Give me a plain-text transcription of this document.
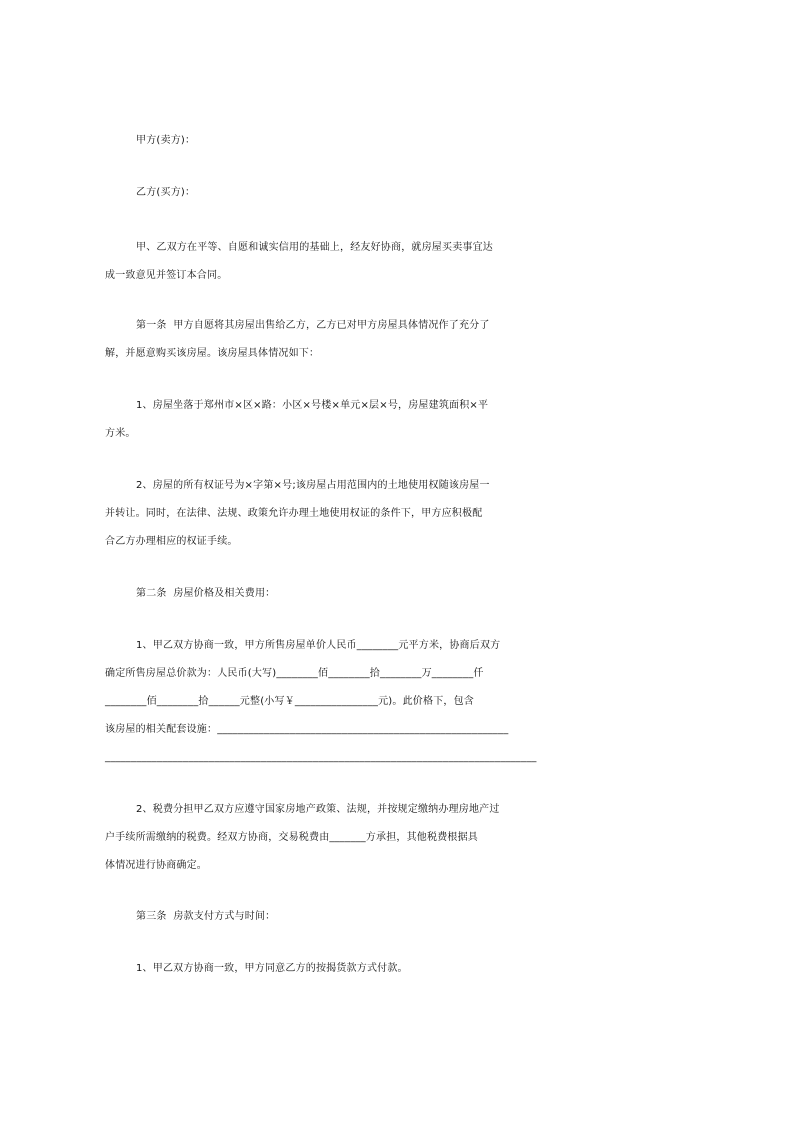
甲方(卖方)：
乙方(买方)：
甲、乙双方在平等、自愿和诚实信用的基础上，经友好协商，就房屋买卖事宜达
成一致意见并签订本合同。
第一条  甲方自愿将其房屋出售给乙方，乙方已对甲方房屋具体情况作了充分了
解，并愿意购买该房屋。该房屋具体情况如下：
1、房屋坐落于郑州市×区×路：小区×号楼×单元×层×号，房屋建筑面积×平
方米。
2、房屋的所有权证号为×字第×号;该房屋占用范围内的土地使用权随该房屋一
并转让。同时，在法律、法规、政策允许办理土地使用权证的条件下，甲方应积极配
合乙方办理相应的权证手续。
第二条  房屋价格及相关费用：
1、甲乙双方协商一致，甲方所售房屋单价人民币________元平方米，协商后双方
确定所售房屋总价款为：人民币(大写)________佰________拾________万________仟
________佰________拾______元整(小写￥________________元)。此价格下，包含
该房屋的相关配套设施：________________________________________________________
___________________________________________________________________________________
2、税费分担甲乙双方应遵守国家房地产政策、法规，并按规定缴纳办理房地产过
户手续所需缴纳的税费。经双方协商，交易税费由_______方承担，其他税费根据具
体情况进行协商确定。
第三条  房款支付方式与时间：
1、甲乙双方协商一致，甲方同意乙方的按揭货款方式付款。
